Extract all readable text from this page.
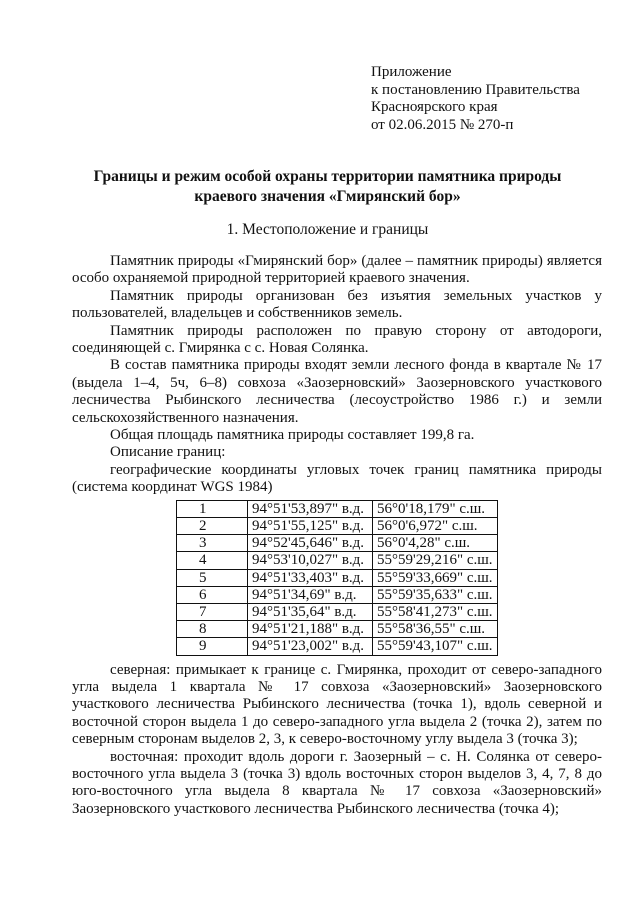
Приложение
к постановлению Правительства
Красноярского края
от 02.06.2015 № 270-п
Границы и режим особой охраны территории памятника природы
краевого значения «Гмирянский бор»
1. Местоположение и границы

Памятник природы «Гмирянский бор» (далее – памятник природы) является особо охраняемой природной территорией краевого значения.

Памятник природы организован без изъятия земельных участков у пользователей, владельцев и собственников земель.

Памятник природы расположен по правую сторону от автодороги, соединяющей с. Гмирянка с с. Новая Солянка.

В состав памятника природы входят земли лесного фонда в квартале № 17 (выдела 1–4, 5ч, 6–8) совхоза «Заозерновский» Заозерновского участкового лесничества Рыбинского лесничества (лесоустройство 1986 г.) и земли сельскохозяйственного назначения.

Общая площадь памятника природы составляет 199,8 га.

Описание границ:

географические координаты угловых точек границ памятника природы (система координат WGS 1984)

1	94°51'53,897" в.д.	56°0'18,179" с.ш.
2	94°51'55,125" в.д.	56°0'6,972" с.ш.
3	94°52'45,646" в.д.	56°0'4,28" с.ш.
4	94°53'10,027" в.д.	55°59'29,216" с.ш.
5	94°51'33,403" в.д.	55°59'33,669" с.ш.
6	94°51'34,69" в.д.	55°59'35,633" с.ш.
7	94°51'35,64" в.д.	55°58'41,273" с.ш.
8	94°51'21,188" в.д.	55°58'36,55" с.ш.
9	94°51'23,002" в.д.	55°59'43,107" с.ш.

северная: примыкает к границе с. Гмирянка, проходит от северо-западного угла выдела 1 квартала № 17 совхоза «Заозерновский» Заозерновского участкового лесничества Рыбинского лесничества (точка 1), вдоль северной и восточной сторон выдела 1 до северо-западного угла выдела 2 (точка 2), затем по северным сторонам выделов 2, 3, к северо-восточному углу выдела 3 (точка 3);

восточная: проходит вдоль дороги г. Заозерный – с. Н. Солянка от северо-восточного угла выдела 3 (точка 3) вдоль восточных сторон выделов 3, 4, 7, 8 до юго-восточного угла выдела 8 квартала № 17 совхоза «Заозерновский» Заозерновского участкового лесничества Рыбинского лесничества (точка 4);
